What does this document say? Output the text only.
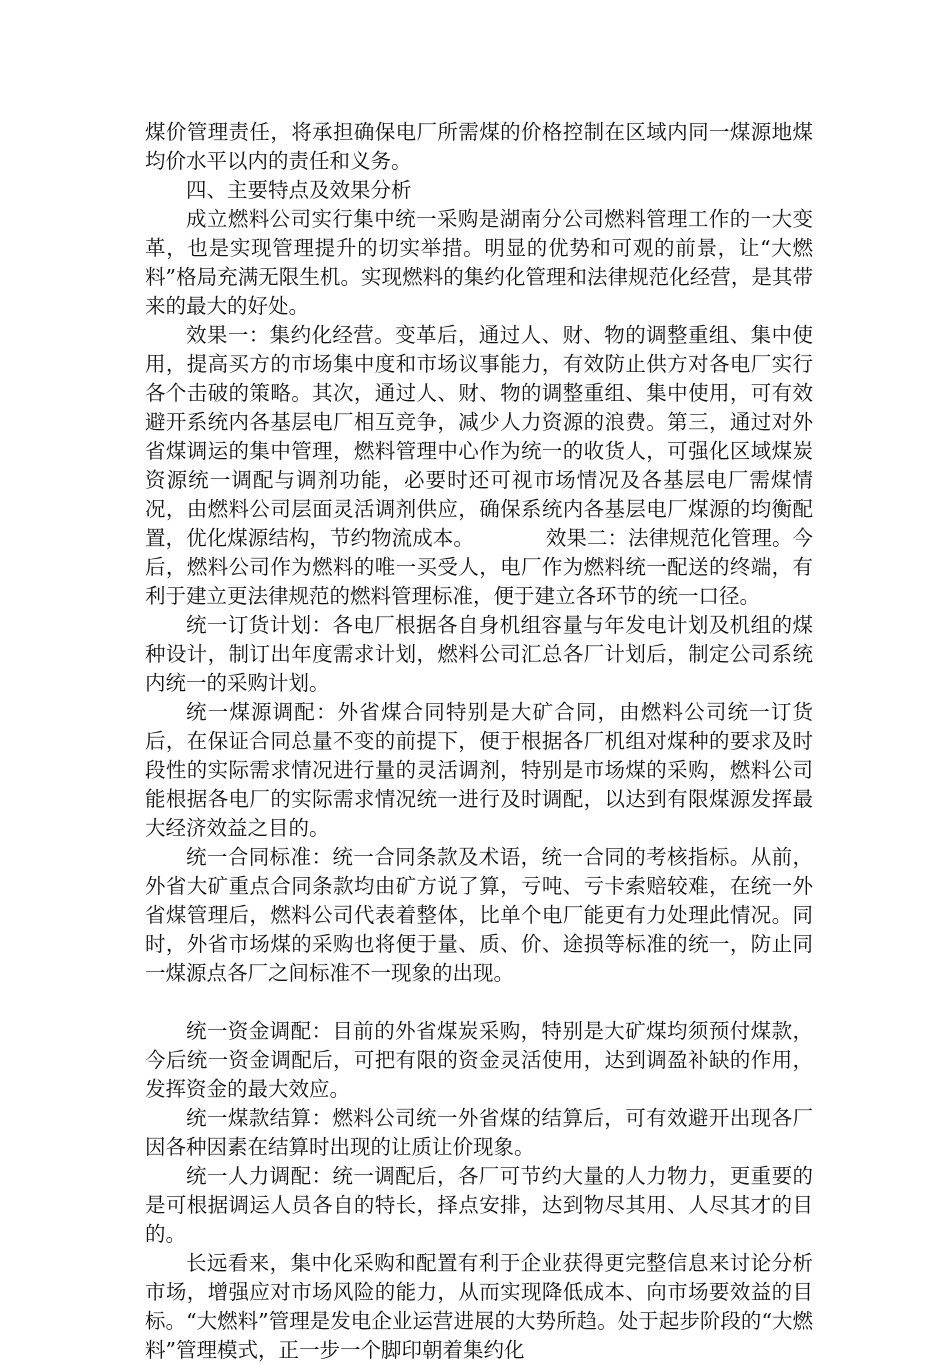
煤价管理责任，将承担确保电厂所需煤的价格控制在区域内同一煤源地煤均价水平以内的责任和义务。

四、主要特点及效果分析

成立燃料公司实行集中统一采购是湖南分公司燃料管理工作的一大变革，也是实现管理提升的切实举措。明显的优势和可观的前景，让“大燃料”格局充满无限生机。实现燃料的集约化管理和法律规范化经营，是其带来的最大的好处。

效果一：集约化经营。变革后，通过人、财、物的调整重组、集中使用，提高买方的市场集中度和市场议事能力，有效防止供方对各电厂实行各个击破的策略。其次，通过人、财、物的调整重组、集中使用，可有效避开系统内各基层电厂相互竞争，减少人力资源的浪费。第三，通过对外省煤调运的集中管理，燃料管理中心作为统一的收货人，可强化区域煤炭资源统一调配与调剂功能，必要时还可视市场情况及各基层电厂需煤情况，由燃料公司层面灵活调剂供应，确保系统内各基层电厂煤源的均衡配置，优化煤源结构，节约物流成本。　　　　效果二：法律规范化管理。今后，燃料公司作为燃料的唯一买受人，电厂作为燃料统一配送的终端，有利于建立更法律规范的燃料管理标准，便于建立各环节的统一口径。

统一订货计划：各电厂根据各自身机组容量与年发电计划及机组的煤种设计，制订出年度需求计划，燃料公司汇总各厂计划后，制定公司系统内统一的采购计划。

统一煤源调配：外省煤合同特别是大矿合同，由燃料公司统一订货后，在保证合同总量不变的前提下，便于根据各厂机组对煤种的要求及时段性的实际需求情况进行量的灵活调剂，特别是市场煤的采购，燃料公司能根据各电厂的实际需求情况统一进行及时调配，以达到有限煤源发挥最大经济效益之目的。

统一合同标准：统一合同条款及术语，统一合同的考核指标。从前，外省大矿重点合同条款均由矿方说了算，亏吨、亏卡索赔较难，在统一外省煤管理后，燃料公司代表着整体，比单个电厂能更有力处理此情况。同时，外省市场煤的采购也将便于量、质、价、途损等标准的统一，防止同一煤源点各厂之间标准不一现象的出现。

统一资金调配：目前的外省煤炭采购，特别是大矿煤均须预付煤款，今后统一资金调配后，可把有限的资金灵活使用，达到调盈补缺的作用，发挥资金的最大效应。

统一煤款结算：燃料公司统一外省煤的结算后，可有效避开出现各厂因各种因素在结算时出现的让质让价现象。

统一人力调配：统一调配后，各厂可节约大量的人力物力，更重要的是可根据调运人员各自的特长，择点安排，达到物尽其用、人尽其才的目的。

长远看来，集中化采购和配置有利于企业获得更完整信息来讨论分析市场，增强应对市场风险的能力，从而实现降低成本、向市场要效益的目标。“大燃料”管理是发电企业运营进展的大势所趋。处于起步阶段的“大燃料”管理模式，正一步一个脚印朝着集约化
